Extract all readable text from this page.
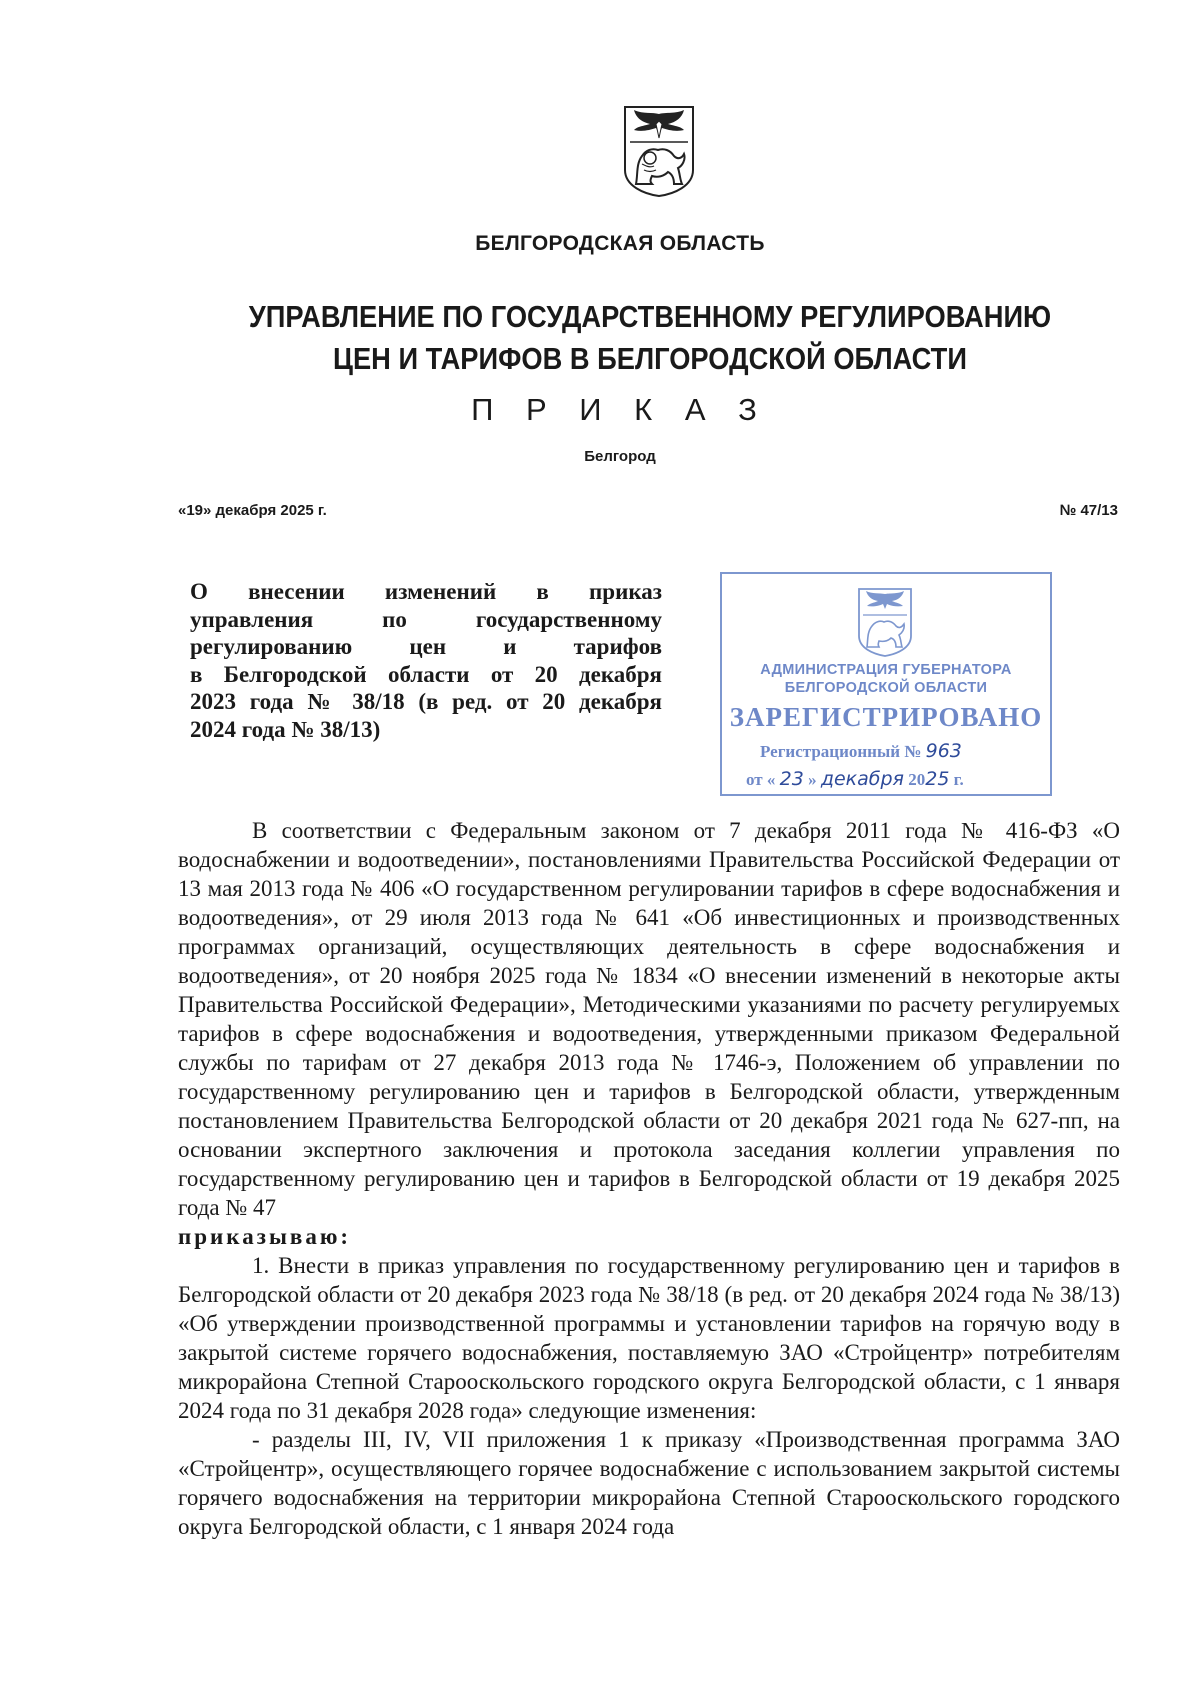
БЕЛГОРОДСКАЯ ОБЛАСТЬ
УПРАВЛЕНИЕ ПО ГОСУДАРСТВЕННОМУ РЕГУЛИРОВАНИЮ
ЦЕН И ТАРИФОВ В БЕЛГОРОДСКОЙ ОБЛАСТИ
П Р И К А З
Белгород
«19» декабря 2025 г.	№ 47/13
О внесении изменений в приказ
управления по государственному
регулированию цен и тарифов
в Белгородской области от 20 декабря
2023 года № 38/18 (в ред. от 20 декабря
2024 года № 38/13)
АДМИНИСТРАЦИЯ ГУБЕРНАТОРА
БЕЛГОРОДСКОЙ ОБЛАСТИ
ЗАРЕГИСТРИРОВАНО
Регистрационный № 963
от « 23 » декабря 2025 г.

В соответствии с Федеральным законом от 7 декабря 2011 года № 416-ФЗ «О водоснабжении и водоотведении», постановлениями Правительства Российской Федерации от 13 мая 2013 года № 406 «О государственном регулировании тарифов в сфере водоснабжения и водоотведения», от 29 июля 2013 года № 641 «Об инвестиционных и производственных программах организаций, осуществляющих деятельность в сфере водоснабжения и водоотведения», от 20 ноября 2025 года № 1834 «О внесении изменений в некоторые акты Правительства Российской Федерации», Методическими указаниями по расчету регулируемых тарифов в сфере водоснабжения и водоотведения, утвержденными приказом Федеральной службы по тарифам от 27 декабря 2013 года № 1746-э, Положением об управлении по государственному регулированию цен и тарифов в Белгородской области, утвержденным постановлением Правительства Белгородской области от 20 декабря 2021 года № 627-пп, на основании экспертного заключения и протокола заседания коллегии управления по государственному регулированию цен и тарифов в Белгородской области от 19 декабря 2025 года № 47

приказываю:

1. Внести в приказ управления по государственному регулированию цен и тарифов в Белгородской области от 20 декабря 2023 года № 38/18 (в ред. от 20 декабря 2024 года № 38/13) «Об утверждении производственной программы и установлении тарифов на горячую воду в закрытой системе горячего водоснабжения, поставляемую ЗАО «Стройцентр» потребителям микрорайона Степной Старооскольского городского округа Белгородской области, с 1 января 2024 года по 31 декабря 2028 года» следующие изменения:

- разделы III, IV, VII приложения 1 к приказу «Производственная программа ЗАО «Стройцентр», осуществляющего горячее водоснабжение с использованием закрытой системы горячего водоснабжения на территории микрорайона Степной Старооскольского городского округа Белгородской области, с 1 января 2024 года
